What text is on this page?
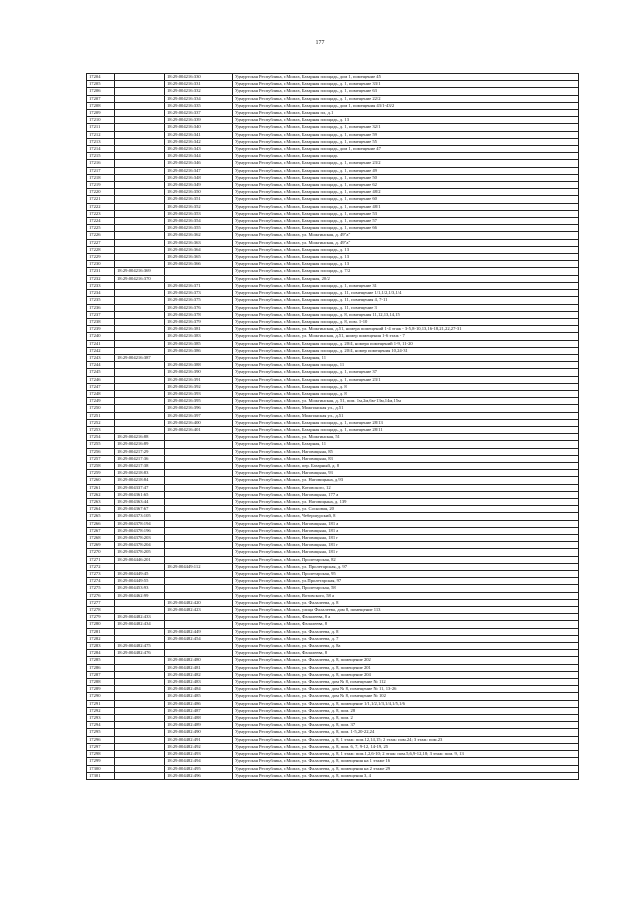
177
17204		18:29:004216:330	Удмуртская Республика, г.Можга, Базарная площадь, дом 1, помещение 45
17205		18:29:004216:331	Удмуртская Республика, г.Можга, Базарная площадь, д. 1, помещение 33/1
17206		18:29:004216:332	Удмуртская Республика, г.Можга, Базарная площадь, д. 1, помещение 63
17207		18:29:004216:334	Удмуртская Республика, г.Можга, Базарная площадь, д. 1, помещение 22/2
17208		18:29:004216:335	Удмуртская Республика, г.Можга, Базарная площадь, дом 1, помещения 43/1-43/2
17209		18:29:004216:337	Удмуртская Республика, г.Можга, Базарная пл, д.1
17210		18:29:004216:339	Удмуртская Республика, г.Можга, Базарная площадь, д. 13
17211		18:29:004216:340	Удмуртская Республика, г.Можга, Базарная площадь, д. 1, помещение 32/1
17212		18:29:004216:341	Удмуртская Республика, г.Можга, Базарная площадь, д. 1, помещение 59
17213		18:29:004216:342	Удмуртская Республика, г.Можга, Базарная площадь, д. 1, помещение 55
17214		18:29:004216:343	Удмуртская Республика, г.Можга, Базарная площадь, дом 1, помещение 47
17215		18:29:004216:344	Удмуртская Республика, г.Можга, Базарная площадь
17216		18:29:004216:346	Удмуртская Республика, г.Можга, Базарная площадь, д. 1, помещение 23/2
17217		18:29:004216:347	Удмуртская Республика, г.Можга, Базарная площадь, д. 1, помещение 49
17218		18:29:004216:348	Удмуртская Республика, г.Можга, Базарная площадь, д. 1, помещение 50
17219		18:29:004216:349	Удмуртская Республика, г.Можга, Базарная площадь, д. 1, помещение 62
17220		18:29:004216:350	Удмуртская Республика, г.Можга, Базарная площадь, д. 1, помещение 48/2
17221		18:29:004216:351	Удмуртская Республика, г.Можга, Базарная площадь, д. 1, помещение 60
17222		18:29:004216:352	Удмуртская Республика, г.Можга, Базарная площадь, д. 1, помещение 48/1
17223		18:29:004216:353	Удмуртская Республика, г.Можга, Базарная площадь, д. 1, помещение 53
17224		18:29:004216:354	Удмуртская Республика, г.Можга, Базарная площадь, д. 1, помещение 57
17225		18:29:004216:355	Удмуртская Республика, г.Можга, Базарная площадь, д. 1, помещение 66
17226		18:29:004216:362	Удмуртская Республика, г.Можга, ул. Можгинская, д. 49"а"
17227		18:29:004216:363	Удмуртская Республика, г.Можга, ул. Можгинская, д. 49"а"
17228		18:29:004216:364	Удмуртская Республика, г.Можга, Базарная площадь, д. 13
17229		18:29:004216:365	Удмуртская Республика, г.Можга, Базарная площадь, д. 13
17230		18:29:004216:366	Удмуртская Республика, г.Можга, Базарная площадь, д. 13
17231	18:29:004216:369		Удмуртская Республика, г.Можга, Базарная площадь, д. 7/2
17232	18:29:004216:370		Удмуртская Республика, г.Можга, Базарная, 20/2
17233		18:29:004216:371	Удмуртская Республика, г.Можга, Базарная площадь, д. 1, помещение 31
17234		18:29:004216:373	Удмуртская Республика, г.Можга, Базарная площадь, д. 11, помещение 1/1,1/2,1/3,1/4
17235		18:29:004216:375	Удмуртская Республика, г.Можга, Базарная площадь, д. 11, помещения 4, 7-11
17236		18:29:004216:376	Удмуртская Республика, г.Можга, Базарная площадь, д. 11, помещение 3
17237		18:29:004216:378	Удмуртская Республика, г.Можга, Базарная площадь, д. 8, помещения 11,12,13,14,15
17238		18:29:004216:379	Удмуртская Республика, г.Можга, Базарная площадь, д. 8, пом. 1-10
17239		18:29:004216:381	Удмуртская Республика, г.Можга, ул. Можгинская, д.51, номера помещений 1-4 этаж - 3-5,8-10,13,16-18,21,22,27-31
17240		18:29:004216:383	Удмуртская Республика, г.Можга, ул. Можгинская, д.51, номер помещения 1-6 этаж - 7
17241		18:29:004216:385	Удмуртская Республика, г.Можга, Базарная площадь, д. 20/4, номера помещений 1-9, 11-20
17242		18:29:004216:386	Удмуртская Республика, г.Можга, Базарная площадь, д. 20/4, номер помещения 10,24-31
17243	18:29:004216:387		Удмуртская Республика, г.Можга, Базарная, 11
17244		18:29:004216:388	Удмуртская Республика, г.Можга, Базарная площадь, 11
17245		18:29:004216:390	Удмуртская Республика, г.Можга, Базарная площадь, д. 1, помещение 37
17246		18:29:004216:391	Удмуртская Республика, г.Можга, Базарная площадь, д. 1, помещение 23/1
17247		18:29:004216:392	Удмуртская Республика, г.Можга, Базарная площадь, д. 8
17248		18:29:004216:393	Удмуртская Республика, г.Можга, Базарная площадь, д. 8
17249		18:29:004216:395	Удмуртская Республика, г.Можга, ул. Можгинская, д. 51, пом. 1м,2м,6м-13м,14м,15м
17250		18:29:004216:396	Удмуртская Республика, г.Можга, Можгинская ул., д.51
17251		18:29:004216:397	Удмуртская Республика, г.Можга, Можгинская ул., д.51
17252		18:29:004216:400	Удмуртская Республика, г.Можга, Базарная площадь, д. 1, помещение 28/13
17253		18:29:004216:401	Удмуртская Республика, г.Можга, Базарная площадь, д. 1, помещение 28/11
17254	18:29:004216:88		Удмуртская Республика, г.Можга, ул. Можгинская, 51
17255	18:29:004216:89		Удмуртская Республика, г.Можга, Базарная, 11
17256	18:29:004217:29		Удмуртская Республика, г.Можга, Наговицына, 85
17257	18:29:004217:36		Удмуртская Республика, г.Можга, Наговицына, 83
17258	18:29:004217:38		Удмуртская Республика, г.Можга, пер. Базарный, д. 8
17259	18:29:004218:83		Удмуртская Республика, г.Можга, Наговицына, 93
17260	18:29:004218:84		Удмуртская Республика, г.Можга, ул. Наговицына, д.93
17261	18:29:004337:47		Удмуртская Республика, г.Можга, Котовского, 12
17262	18:29:004361:65		Удмуртская Республика, г.Можга, Наговицына, 177 а
17263	18:29:004363:44		Удмуртская Республика, г.Можга, ул. Наговицына, д. 139
17264	18:29:004367:67		Удмуртская Республика, г.Можга, ул. Сосновая, 20
17265	18:29:004373:105		Удмуртская Республика, г.Можга, Чебершурский, 8
17266	18:29:004378:194		Удмуртская Республика, г.Можга, Наговицына, 181 а
17267	18:29:004378:196		Удмуртская Республика, г.Можга, Наговицына, 181 а
17268	18:29:004378:203		Удмуртская Республика, г.Можга, Наговицына, 181 г
17269	18:29:004378:204		Удмуртская Республика, г.Можга, Наговицына, 181 г
17270	18:29:004378:205		Удмуртская Республика, г.Можга, Наговицына, 181 г
17271	18:29:004446:201		Удмуртская Республика, г.Можга, Пролетарская, 82
17272		18:29:004449:112	Удмуртская Республика, г.Можга, ул. Пролетарская, д. 97
17273	18:29:004449:45		Удмуртская Республика, г.Можга, Пролетарская, 95
17274	18:29:004449:55		Удмуртская Республика, г.Можга, ул.Пролетарская, 97
17275	18:29:004453:93		Удмуртская Республика, г.Можга, Пролетарская, 58
17276	18:29:004462:99		Удмуртская Республика, г.Можга, Вотовского, 58 а
17277		18:29:004482:420	Удмуртская Республика, г.Можга, ул. Фалалеева, д. 8
17278		18:29:004482:423	Удмуртская Республика, г.Можга, улица Фалалеева, дом 8, помещение 113
17279	18:29:004482:433		Удмуртская Республика, г.Можга, Фалалеева, 8 а
17280	18:29:004482:434		Удмуртская Республика, г.Можга, Фалалеева, 8
17281		18:29:004482:449	Удмуртская Республика, г.Можга, ул. Фалалеева, д. 8
17282		18:29:004482:454	Удмуртская Республика, г.Можга, ул. Фалалеева, д. 7
17283	18:29:004482:475		Удмуртская Республика, г.Можга, ул. Фалалеева, д. 8а
17284	18:29:004482:476		Удмуртская Республика, г.Можга, Фалалеева, 8
17285		18:29:004482:480	Удмуртская Республика, г.Можга, ул. Фалалеева, д. 8, помещение 202
17286		18:29:004482:481	Удмуртская Республика, г.Можга, ул. Фалалеева, д. 8, помещение 201
17287		18:29:004482:482	Удмуртская Республика, г.Можга, ул. Фалалеева, д. 8, помещение 204
17288		18:29:004482:483	Удмуртская Республика, г.Можга, ул. Фалалеева, дом № 8, помещение № 112
17289		18:29:004482:484	Удмуртская Республика, г.Можга, ул. Фалалеева, дом № 8, помещение № 11, 13-26
17290		18:29:004482:485	Удмуртская Республика, г.Можга, ул. Фалалеева, дом № 8, помещение № 102
17291		18:29:004482:486	Удмуртская Республика, г.Можга, ул. Фалалеева, д. 8, помещение 1/1,1/2,1/3,1/4,1/5,1/6
17292		18:29:004482:487	Удмуртская Республика, г.Можга, ул. Фалалеева, д. 8, пом. 28
17293		18:29:004482:488	Удмуртская Республика, г.Можга, ул. Фалалеева, д. 8, пом. 2
17294		18:29:004482:489	Удмуртская Республика, г.Можга, ул. Фалалеева, д. 8, пом. 37
17295		18:29:004482:490	Удмуртская Республика, г.Можга, ул. Фалалеева, д. 8, пом. 1-5,20-22,24
17296		18:29:004482:491	Удмуртская Республика, г.Можга, ул. Фалалеева, д. 8, 1 этаж: пом.12,14,15; 2 этаж: пом.24; 3 этаж: пом.23
17297		18:29:004482:492	Удмуртская Республика, г.Можга, ул. Фалалеева, д. 8, пом. 6, 7, 9-12, 14-19, 25
17298		18:29:004482:493	Удмуртская Республика, г.Можга, ул. Фалалеева, д. 8, 1 этаж: пом.1,2,6-10; 2 этаж: пом.5,6,9-12,18; 3 этаж: пом. 9, 13
17299		18:29:004482:494	Удмуртская Республика, г.Можга, ул. Фалалеева, д. 8, помещения на 1 этаже 16
17300		18:29:004482:495	Удмуртская Республика, г.Можга, ул. Фалалеева, д. 8, помещения на 2 этаже 29
17301		18:29:004482:496	Удмуртская Республика, г.Можга, ул. Фалалеева, д. 8, помещения 3, 4
